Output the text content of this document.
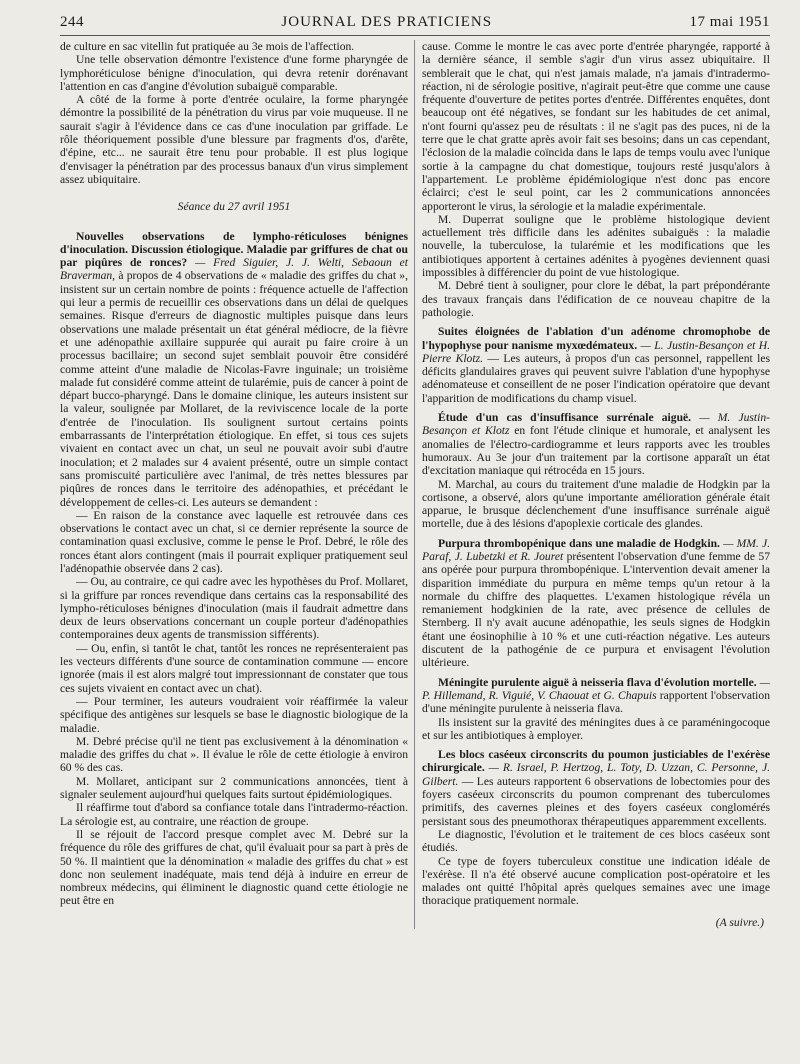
244	JOURNAL DES PRATICIENS	17 mai 1951

de culture en sac vitellin fut pratiquée au 3e mois de l'affection.

Une telle observation démontre l'existence d'une forme pharyngée de lymphoréticulose bénigne d'inoculation, qui devra retenir dorénavant l'attention en cas d'angine d'évolution subaiguë comparable.

A côté de la forme à porte d'entrée oculaire, la forme pharyngée démontre la possibilité de la pénétration du virus par voie muqueuse. Il ne saurait s'agir à l'évidence dans ce cas d'une inoculation par griffade. Le rôle théoriquement possible d'une blessure par fragments d'os, d'arête, d'épine, etc... ne saurait être tenu pour probable. Il est plus logique d'envisager la pénétration par des processus banaux d'un virus simplement assez ubiquitaire.

Séance du 27 avril 1951

Nouvelles observations de lympho-réticuloses bénignes d'inoculation. Discussion étiologique. Maladie par griffures de chat ou par piqûres de ronces? — Fred Siguier, J. J. Welti, Sebaoun et Braverman, à propos de 4 observations de « maladie des griffes du chat », insistent sur un certain nombre de points : fréquence actuelle de l'affection qui leur a permis de recueillir ces observations dans un délai de quelques semaines. Risque d'erreurs de diagnostic multiples puisque dans leurs observations une malade présentait un état général médiocre, de la fièvre et une adénopathie axillaire suppurée qui aurait pu faire croire à un processus bacillaire; un second sujet semblait pouvoir être considéré comme atteint d'une maladie de Nicolas-Favre inguinale; un troisième malade fut considéré comme atteint de tularémie, puis de cancer à point de départ bucco-pharyngé. Dans le domaine clinique, les auteurs insistent sur la valeur, soulignée par Mollaret, de la reviviscence locale de la porte d'entrée de l'inoculation. Ils soulignent surtout certains points embarrassants de l'interprétation étiologique. En effet, si tous ces sujets vivaient en contact avec un chat, un seul ne pouvait avoir subi d'autre inoculation; et 2 malades sur 4 avaient présenté, outre un simple contact sans promiscuité particulière avec l'animal, de très nettes blessures par piqûres de ronces dans le territoire des adénopathies, et précédant le développement de celles-ci. Les auteurs se demandent :

— En raison de la constance avec laquelle est retrouvée dans ces observations le contact avec un chat, si ce dernier représente la source de contamination quasi exclusive, comme le pense le Prof. Debré, le rôle des ronces étant alors contingent (mais il pourrait expliquer pratiquement seul l'adénopathie observée dans 2 cas).

— Ou, au contraire, ce qui cadre avec les hypothèses du Prof. Mollaret, si la griffure par ronces revendique dans certains cas la responsabilité des lympho-réticuloses bénignes d'inoculation (mais il faudrait admettre dans deux de leurs observations concernant un couple porteur d'adénopathies contemporaines deux agents de transmission sifférents).

— Ou, enfin, si tantôt le chat, tantôt les ronces ne représenteraient pas les vecteurs différents d'une source de contamination commune — encore ignorée (mais il est alors malgré tout impressionnant de constater que tous ces sujets vivaient en contact avec un chat).

— Pour terminer, les auteurs voudraient voir réaffirmée la valeur spécifique des antigènes sur lesquels se base le diagnostic biologique de la maladie.

M. Debré précise qu'il ne tient pas exclusivement à la dénomination « maladie des griffes du chat ». Il évalue le rôle de cette étiologie à environ 60 % des cas.

M. Mollaret, anticipant sur 2 communications annoncées, tient à signaler seulement aujourd'hui quelques faits surtout épidémiologiques.

Il réaffirme tout d'abord sa confiance totale dans l'intradermo-réaction. La sérologie est, au contraire, une réaction de groupe.

Il se réjouit de l'accord presque complet avec M. Debré sur la fréquence du rôle des griffures de chat, qu'il évaluait pour sa part à près de 50 %. Il maintient que la dénomination « maladie des griffes du chat » est donc non seulement inadéquate, mais tend déjà à induire en erreur de nombreux médecins, qui éliminent le diagnostic quand cette étiologie ne peut être en

cause. Comme le montre le cas avec porte d'entrée pharyngée, rapporté à la dernière séance, il semble s'agir d'un virus assez ubiquitaire. Il semblerait que le chat, qui n'est jamais malade, n'a jamais d'intradermo-réaction, ni de sérologie positive, n'agirait peut-être que comme une cause fréquente d'ouverture de petites portes d'entrée. Différentes enquêtes, dont beaucoup ont été négatives, se fondant sur les habitudes de cet animal, n'ont fourni qu'assez peu de résultats : il ne s'agit pas des puces, ni de la terre que le chat gratte après avoir fait ses besoins; dans un cas cependant, l'éclosion de la maladie coïncida dans le laps de temps voulu avec l'unique sortie à la campagne du chat domestique, toujours resté jusqu'alors à l'appartement. Le problème épidémiologique n'est donc pas encore éclairci; c'est le seul point, car les 2 communications annoncées apporteront le virus, la sérologie et la maladie expérimentale.

M. Duperrat souligne que le problème histologique devient actuellement très difficile dans les adénites subaiguës : la maladie nouvelle, la tuberculose, la tularémie et les modifications que les antibiotiques apportent à certaines adénites à pyogènes deviennent quasi impossibles à différencier du point de vue histologique.

M. Debré tient à souligner, pour clore le débat, la part prépondérante des travaux français dans l'édification de ce nouveau chapitre de la pathologie.

Suites éloignées de l'ablation d'un adénome chromophobe de l'hypophyse pour nanisme myxœdémateux. — L. Justin-Besançon et H. Pierre Klotz. — Les auteurs, à propos d'un cas personnel, rappellent les déficits glandulaires graves qui peuvent suivre l'ablation d'une hypophyse adénomateuse et conseillent de ne poser l'indication opératoire que devant l'apparition de modifications du champ visuel.

Étude d'un cas d'insuffisance surrénale aiguë. — M. Justin-Besançon et Klotz en font l'étude clinique et humorale, et analysent les anomalies de l'électro-cardiogramme et leurs rapports avec les troubles humoraux. Au 3e jour d'un traitement par la cortisone apparaît un état d'excitation maniaque qui rétrocéda en 15 jours.

M. Marchal, au cours du traitement d'une maladie de Hodgkin par la cortisone, a observé, alors qu'une importante amélioration générale était apparue, le brusque déclenchement d'une insuffisance surrénale aiguë mortelle, due à des lésions d'apoplexie corticale des glandes.

Purpura thrombopénique dans une maladie de Hodgkin. — MM. J. Paraf, J. Lubetzki et R. Jouret présentent l'observation d'une femme de 57 ans opérée pour purpura thrombopénique. L'intervention devait amener la disparition immédiate du purpura en même temps qu'un retour à la normale du chiffre des plaquettes. L'examen histologique révéla un remaniement hodgkinien de la rate, avec présence de cellules de Sternberg. Il n'y avait aucune adénopathie, les seuls signes de Hodgkin étant une éosinophilie à 10 % et une cuti-réaction négative. Les auteurs discutent de la pathogénie de ce purpura et envisagent l'évolution ultérieure.

Méningite purulente aiguë à neisseria flava d'évolution mortelle. — P. Hillemand, R. Viguié, V. Chaouat et G. Chapuis rapportent l'observation d'une méningite purulente à neisseria flava.

Ils insistent sur la gravité des méningites dues à ce paraméningocoque et sur les antibiotiques à employer.

Les blocs caséeux circonscrits du poumon justiciables de l'exérèse chirurgicale. — R. Israel, P. Hertzog, L. Toty, D. Uzzan, C. Personne, J. Gilbert. — Les auteurs rapportent 6 observations de lobectomies pour des foyers caséeux circonscrits du poumon comprenant des tuberculomes primitifs, des cavernes pleines et des foyers caséeux conglomérés persistant sous des pneumothorax thérapeutiques apparemment excellents.

Le diagnostic, l'évolution et le traitement de ces blocs caséeux sont étudiés.

Ce type de foyers tuberculeux constitue une indication idéale de l'exérèse. Il n'a été observé aucune complication post-opératoire et les malades ont quitté l'hôpital après quelques semaines avec une image thoracique pratiquement normale.

(A suivre.)
